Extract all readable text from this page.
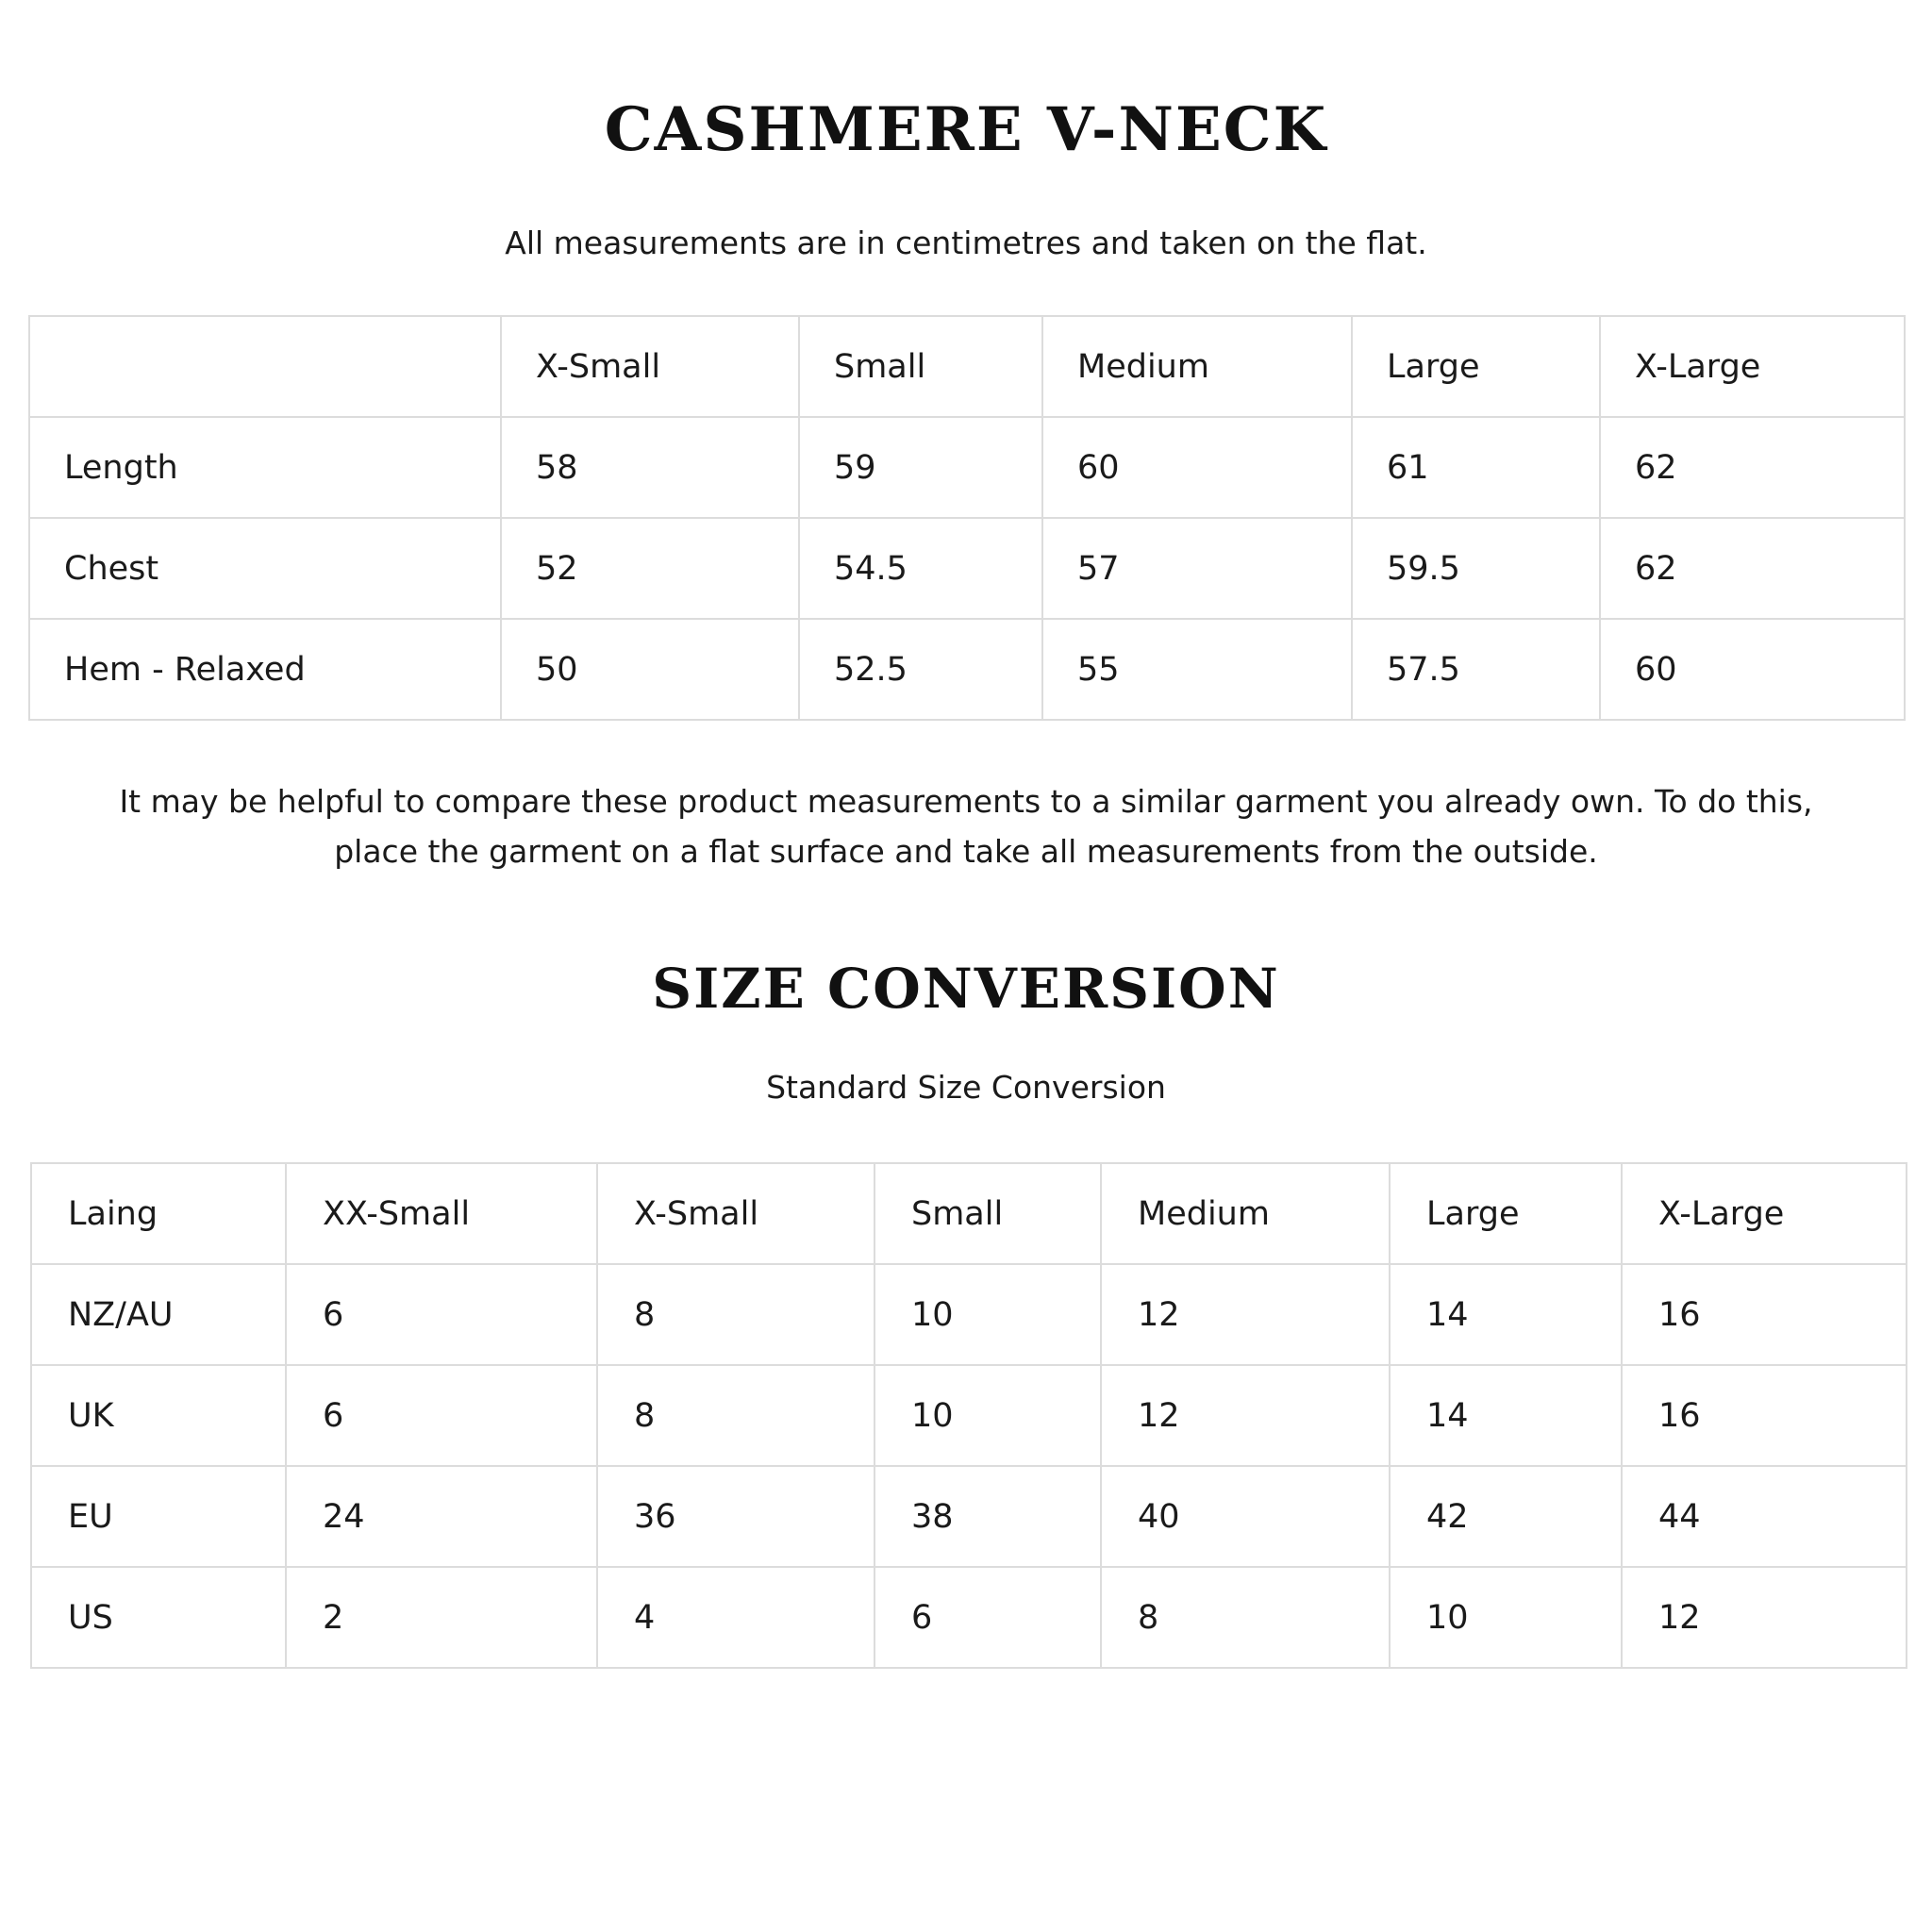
CASHMERE V-NECK

All measurements are in centimetres and taken on the flat.

	X-Small	Small	Medium	Large	X-Large
Length	58	59	60	61	62
Chest	52	54.5	57	59.5	62
Hem - Relaxed	50	52.5	55	57.5	60

It may be helpful to compare these product measurements to a similar garment you already own. To do this, place the garment on a flat surface and take all measurements from the outside.

SIZE CONVERSION

Standard Size Conversion

Laing	XX-Small	X-Small	Small	Medium	Large	X-Large
NZ/AU	6	8	10	12	14	16
UK	6	8	10	12	14	16
EU	24	36	38	40	42	44
US	2	4	6	8	10	12
